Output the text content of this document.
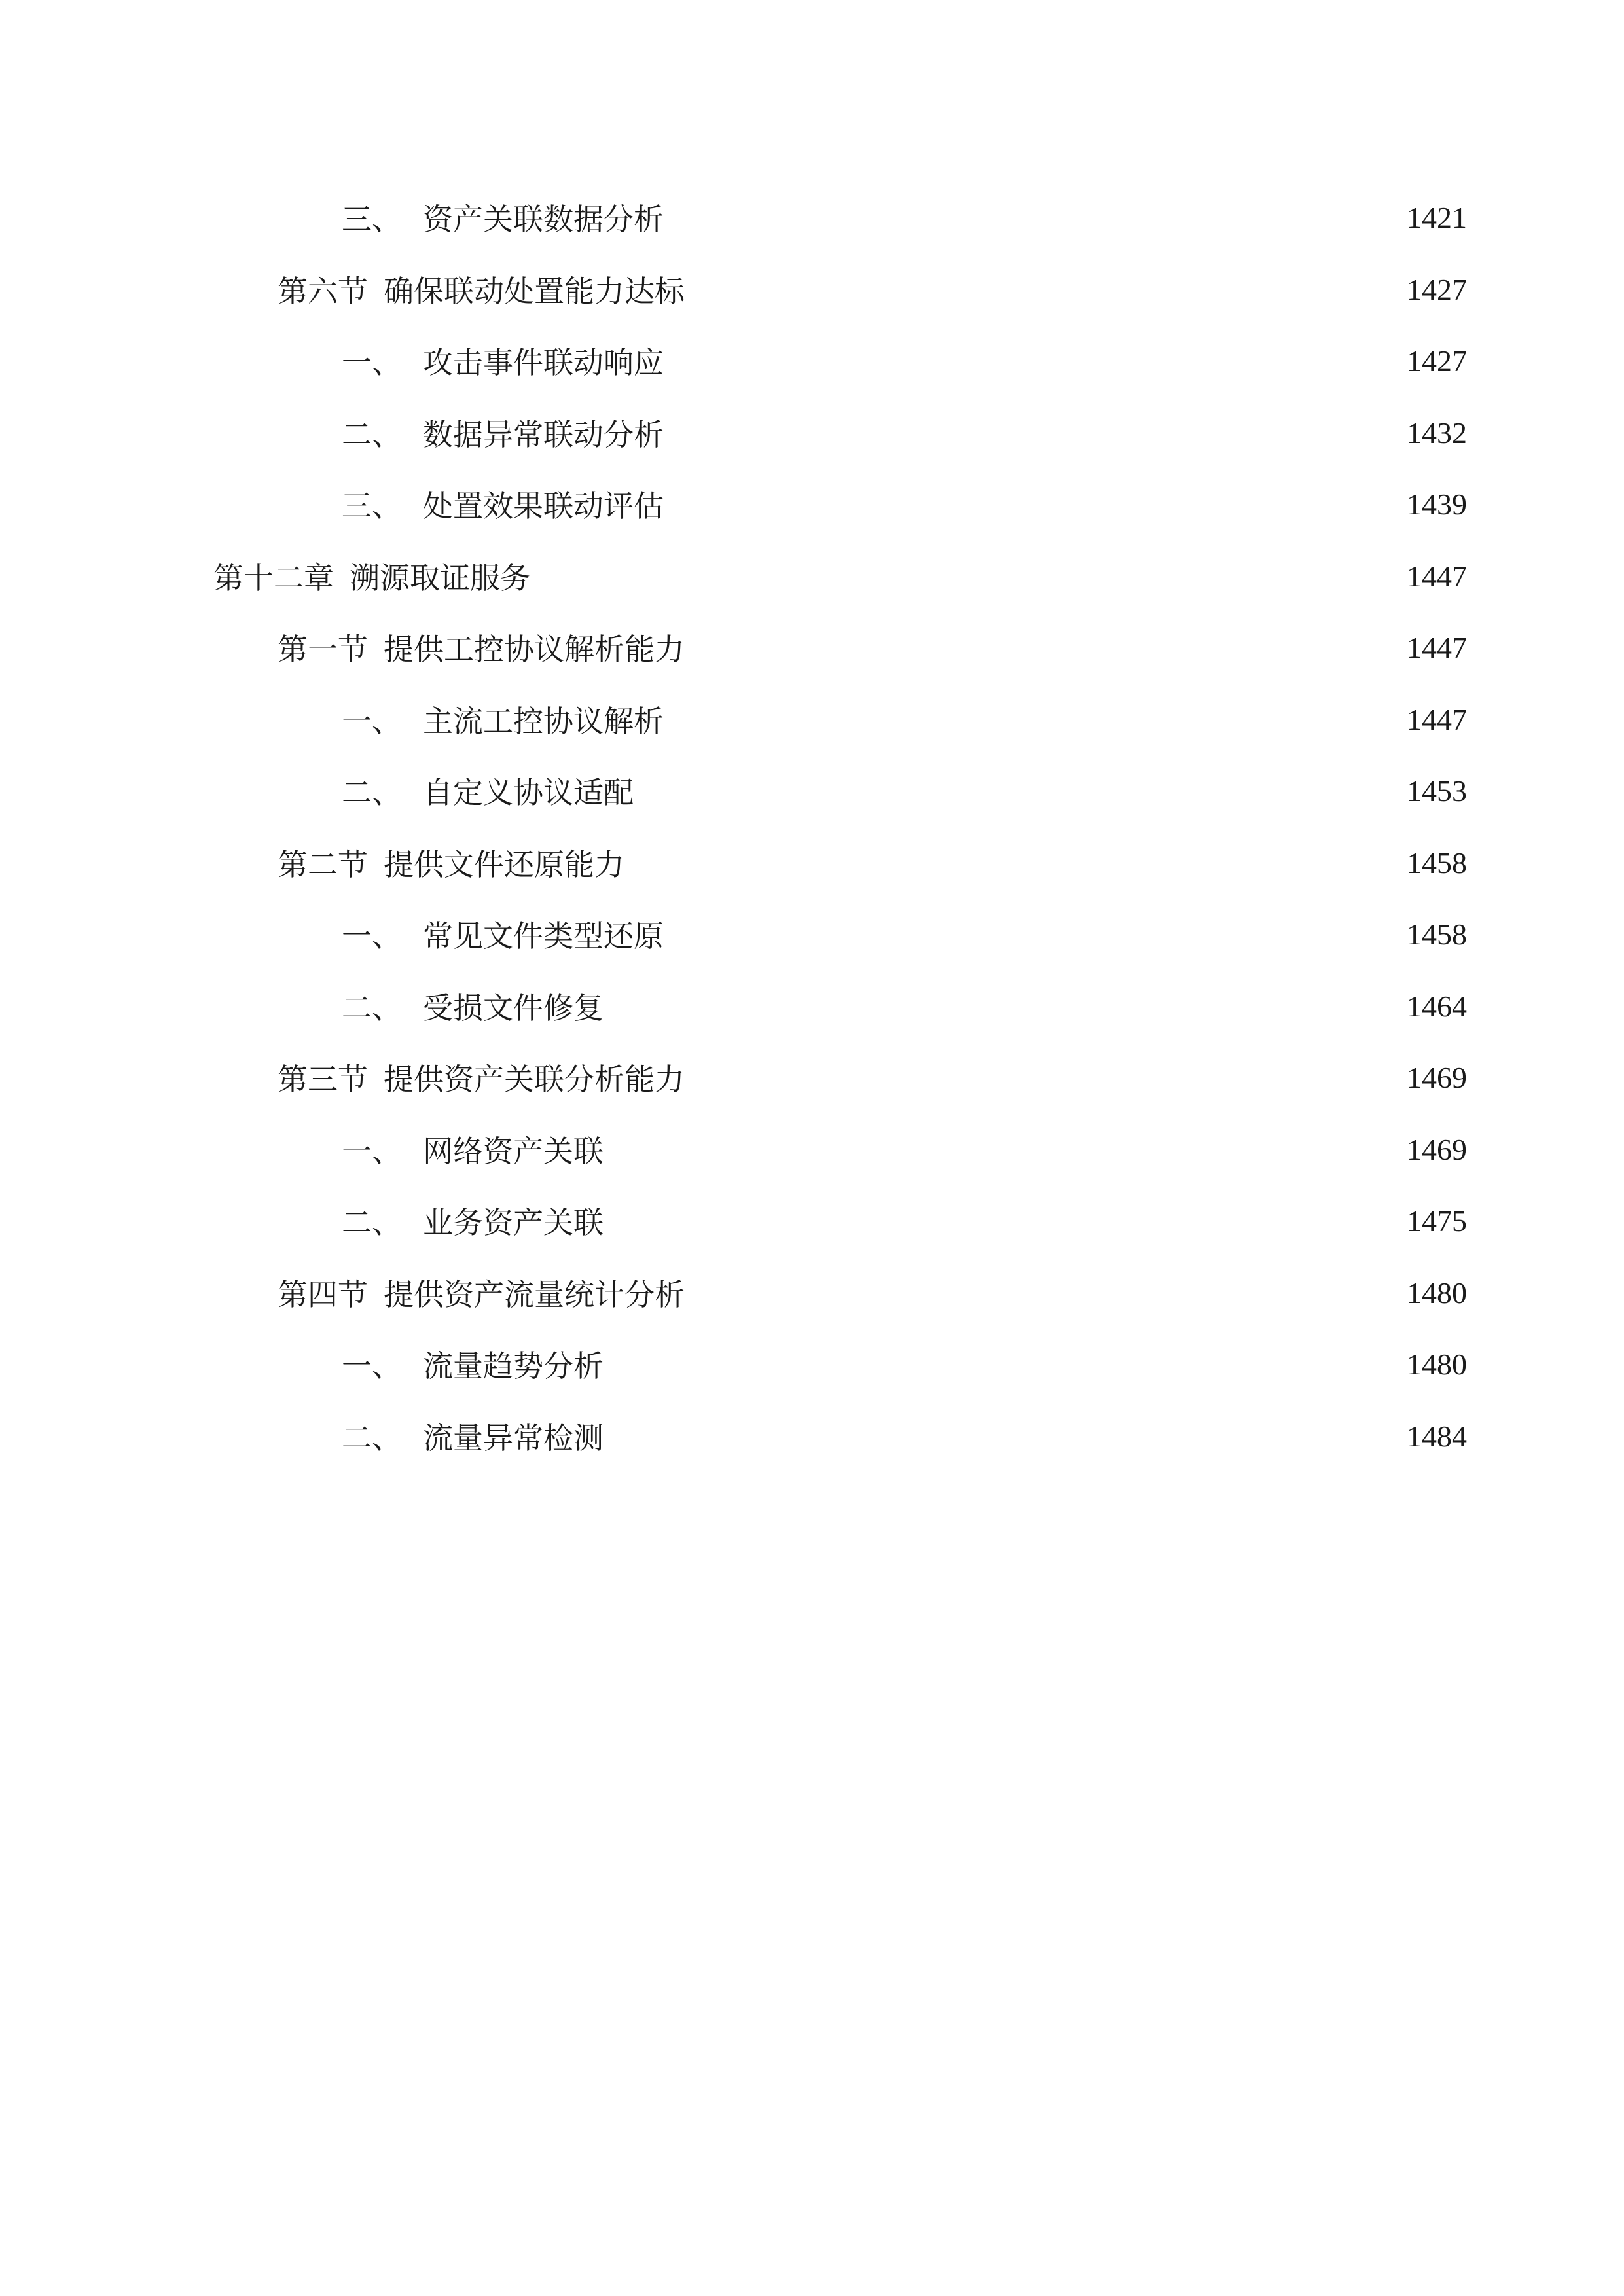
三、 资产关联数据分析	1421
第六节 确保联动处置能力达标	1427
一、 攻击事件联动响应	1427
二、 数据异常联动分析	1432
三、 处置效果联动评估	1439
第十二章 溯源取证服务	1447
第一节 提供工控协议解析能力	1447
一、 主流工控协议解析	1447
二、 自定义协议适配	1453
第二节 提供文件还原能力	1458
一、 常见文件类型还原	1458
二、 受损文件修复	1464
第三节 提供资产关联分析能力	1469
一、 网络资产关联	1469
二、 业务资产关联	1475
第四节 提供资产流量统计分析	1480
一、 流量趋势分析	1480
二、 流量异常检测	1484
